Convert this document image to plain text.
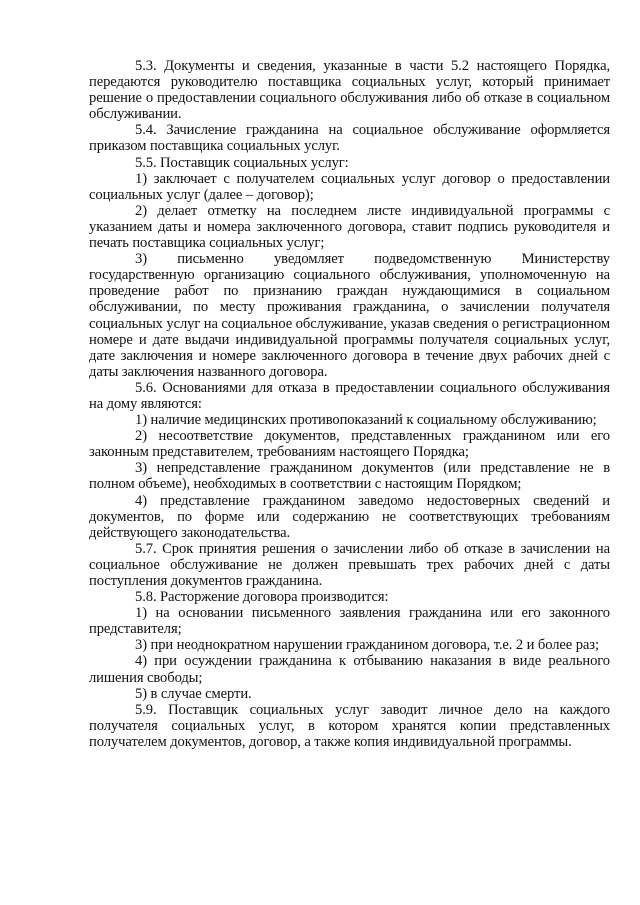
5.3. Документы и сведения, указанные в части 5.2 настоящего Порядка, передаются руководителю поставщика социальных услуг, который принимает решение о предоставлении социального обслуживания либо об отказе в социальном обслуживании.

5.4. Зачисление гражданина на социальное обслуживание оформляется приказом поставщика социальных услуг.

5.5. Поставщик социальных услуг:

1) заключает с получателем социальных услуг договор о предоставлении социальных услуг (далее – договор);

2) делает отметку на последнем листе индивидуальной программы с указанием даты и номера заключенного договора, ставит подпись руководителя и печать поставщика социальных услуг;

3) письменно уведомляет подведомственную Министерству государственную организацию социального обслуживания, уполномоченную на проведение работ по признанию граждан нуждающимися в социальном обслуживании, по месту проживания гражданина, о зачислении получателя социальных услуг на социальное обслуживание, указав сведения о регистрационном номере и дате выдачи индивидуальной программы получателя социальных услуг, дате заключения и номере заключенного договора в течение двух рабочих дней с даты заключения названного договора.

5.6. Основаниями для отказа в предоставлении социального обслуживания на дому являются:

1) наличие медицинских противопоказаний к социальному обслуживанию;

2) несоответствие документов, представленных гражданином или его законным представителем, требованиям настоящего Порядка;

3) непредставление гражданином документов (или представление не в полном объеме), необходимых в соответствии с настоящим Порядком;

4) представление гражданином заведомо недостоверных сведений и документов, по форме или содержанию не соответствующих требованиям действующего законодательства.

5.7. Срок принятия решения о зачислении либо об отказе в зачислении на социальное обслуживание не должен превышать трех рабочих дней с даты поступления документов гражданина.

5.8. Расторжение договора производится:

1) на основании письменного заявления гражданина или его законного представителя;

3) при неоднократном нарушении гражданином договора, т.е. 2 и более раз;

4) при осуждении гражданина к отбыванию наказания в виде реального лишения свободы;

5) в случае смерти.

5.9. Поставщик социальных услуг заводит личное дело на каждого получателя социальных услуг, в котором хранятся копии представленных получателем документов, договор, а также копия индивидуальной программы.
